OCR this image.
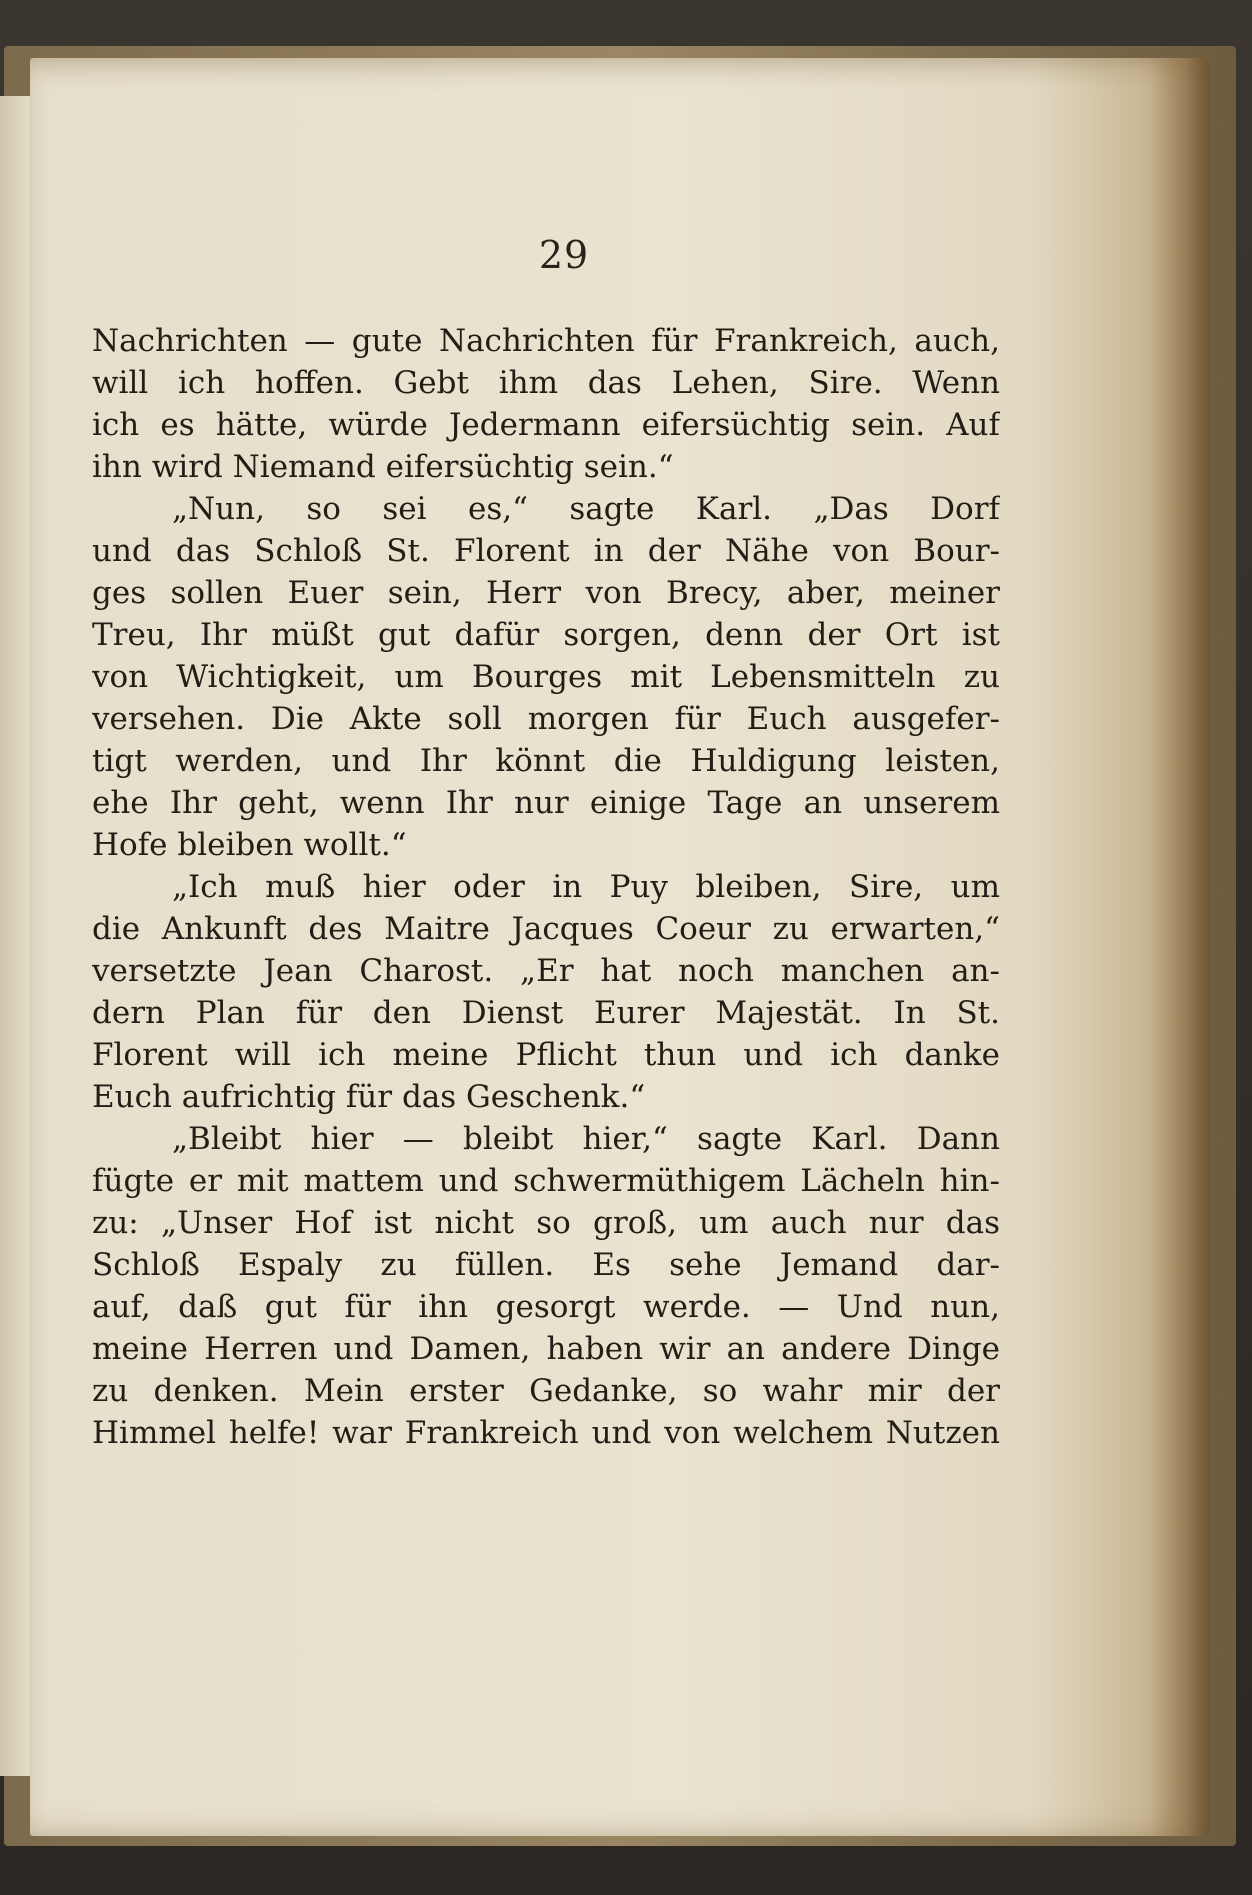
29
Nachrichten — gute Nachrichten für Frankreich, auch,
will ich hoffen. Gebt ihm das Lehen, Sire. Wenn
ich es hätte, würde Jedermann eifersüchtig sein. Auf
ihn wird Niemand eifersüchtig sein.“
„Nun, so sei es,“ sagte Karl. „Das Dorf
und das Schloß St. Florent in der Nähe von Bour-
ges sollen Euer sein, Herr von Brecy, aber, meiner
Treu, Ihr müßt gut dafür sorgen, denn der Ort ist
von Wichtigkeit, um Bourges mit Lebensmitteln zu
versehen. Die Akte soll morgen für Euch ausgefer-
tigt werden, und Ihr könnt die Huldigung leisten,
ehe Ihr geht, wenn Ihr nur einige Tage an unserem
Hofe bleiben wollt.“
„Ich muß hier oder in Puy bleiben, Sire, um
die Ankunft des Maitre Jacques Coeur zu erwarten,“
versetzte Jean Charost. „Er hat noch manchen an-
dern Plan für den Dienst Eurer Majestät. In St.
Florent will ich meine Pflicht thun und ich danke
Euch aufrichtig für das Geschenk.“
„Bleibt hier — bleibt hier,“ sagte Karl. Dann
fügte er mit mattem und schwermüthigem Lächeln hin-
zu: „Unser Hof ist nicht so groß, um auch nur das
Schloß Espaly zu füllen. Es sehe Jemand dar-
auf, daß gut für ihn gesorgt werde. — Und nun,
meine Herren und Damen, haben wir an andere Dinge
zu denken. Mein erster Gedanke, so wahr mir der
Himmel helfe! war Frankreich und von welchem Nutzen
